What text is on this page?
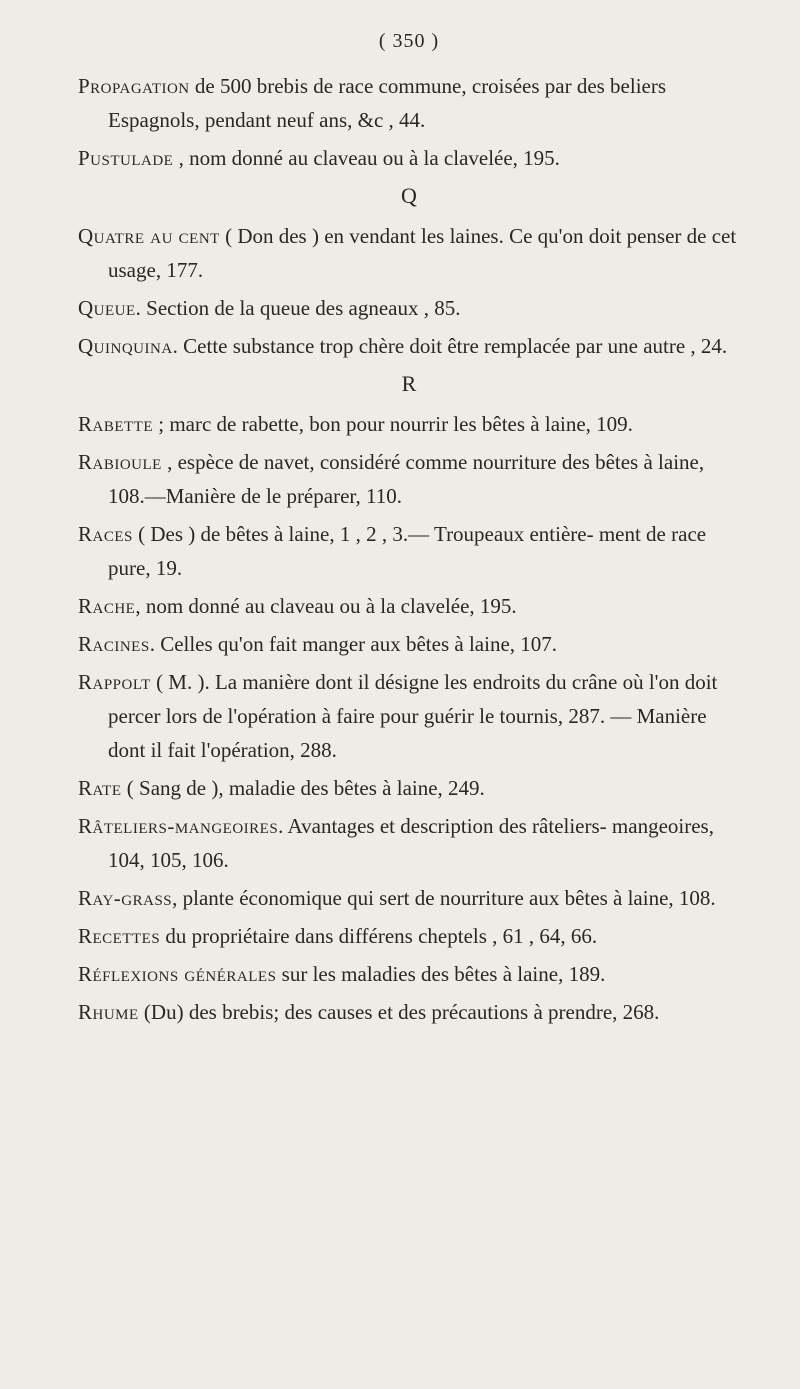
( 350 )

Propagation de 500 brebis de race commune, croisées par des beliers Espagnols, pendant neuf ans, &c , 44.

Pustulade , nom donné au claveau ou à la clavelée, 195.

Q

Quatre au cent ( Don des ) en vendant les laines. Ce qu'on doit penser de cet usage, 177.

Queue. Section de la queue des agneaux , 85.

Quinquina. Cette substance trop chère doit être remplacée par une autre , 24.

R

Rabette ; marc de rabette, bon pour nourrir les bêtes à laine, 109.

Rabioule , espèce de navet, considéré comme nourriture des bêtes à laine, 108.—Manière de le préparer, 110.

Races ( Des ) de bêtes à laine, 1 , 2 , 3.— Troupeaux entière- ment de race pure, 19.

Rache, nom donné au claveau ou à la clavelée, 195.

Racines. Celles qu'on fait manger aux bêtes à laine, 107.

Rappolt ( M. ). La manière dont il désigne les endroits du crâne où l'on doit percer lors de l'opération à faire pour guérir le tournis, 287. — Manière dont il fait l'opération, 288.

Rate ( Sang de ), maladie des bêtes à laine, 249.

Râteliers-mangeoires. Avantages et description des râteliers- mangeoires, 104, 105, 106.

Ray-grass, plante économique qui sert de nourriture aux bêtes à laine, 108.

Recettes du propriétaire dans différens cheptels , 61 , 64, 66.

Réflexions générales sur les maladies des bêtes à laine, 189.

Rhume (Du) des brebis; des causes et des précautions à prendre, 268.
